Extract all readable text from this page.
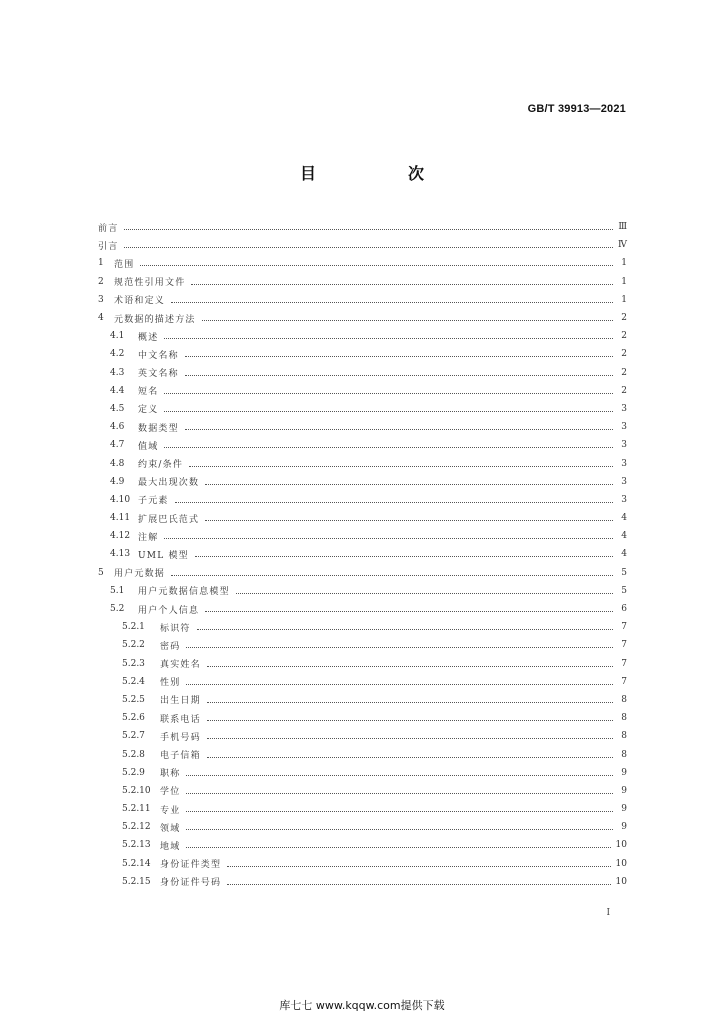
GB/T 39913—2021
目　次
前言	Ⅲ
引言	Ⅳ
1	范围	1
2	规范性引用文件	1
3	术语和定义	1
4	元数据的描述方法	2
4.1	概述	2
4.2	中文名称	2
4.3	英文名称	2
4.4	短名	2
4.5	定义	3
4.6	数据类型	3
4.7	值域	3
4.8	约束/条件	3
4.9	最大出现次数	3
4.10 子元素	3
4.11 扩展巴氏范式	4
4.12 注解	4
4.13 UML 模型	4
5	用户元数据	5
5.1	用户元数据信息模型	5
5.2	用户个人信息	6
5.2.1	标识符	7
5.2.2	密码	7
5.2.3	真实姓名	7
5.2.4	性别	7
5.2.5	出生日期	8
5.2.6	联系电话	8
5.2.7	手机号码	8
5.2.8	电子信箱	8
5.2.9	职称	9
5.2.10	学位	9
5.2.11	专业	9
5.2.12	领域	9
5.2.13	地域	10
5.2.14	身份证件类型	10
5.2.15	身份证件号码	10
I
库七七 www.kqqw.com提供下载
